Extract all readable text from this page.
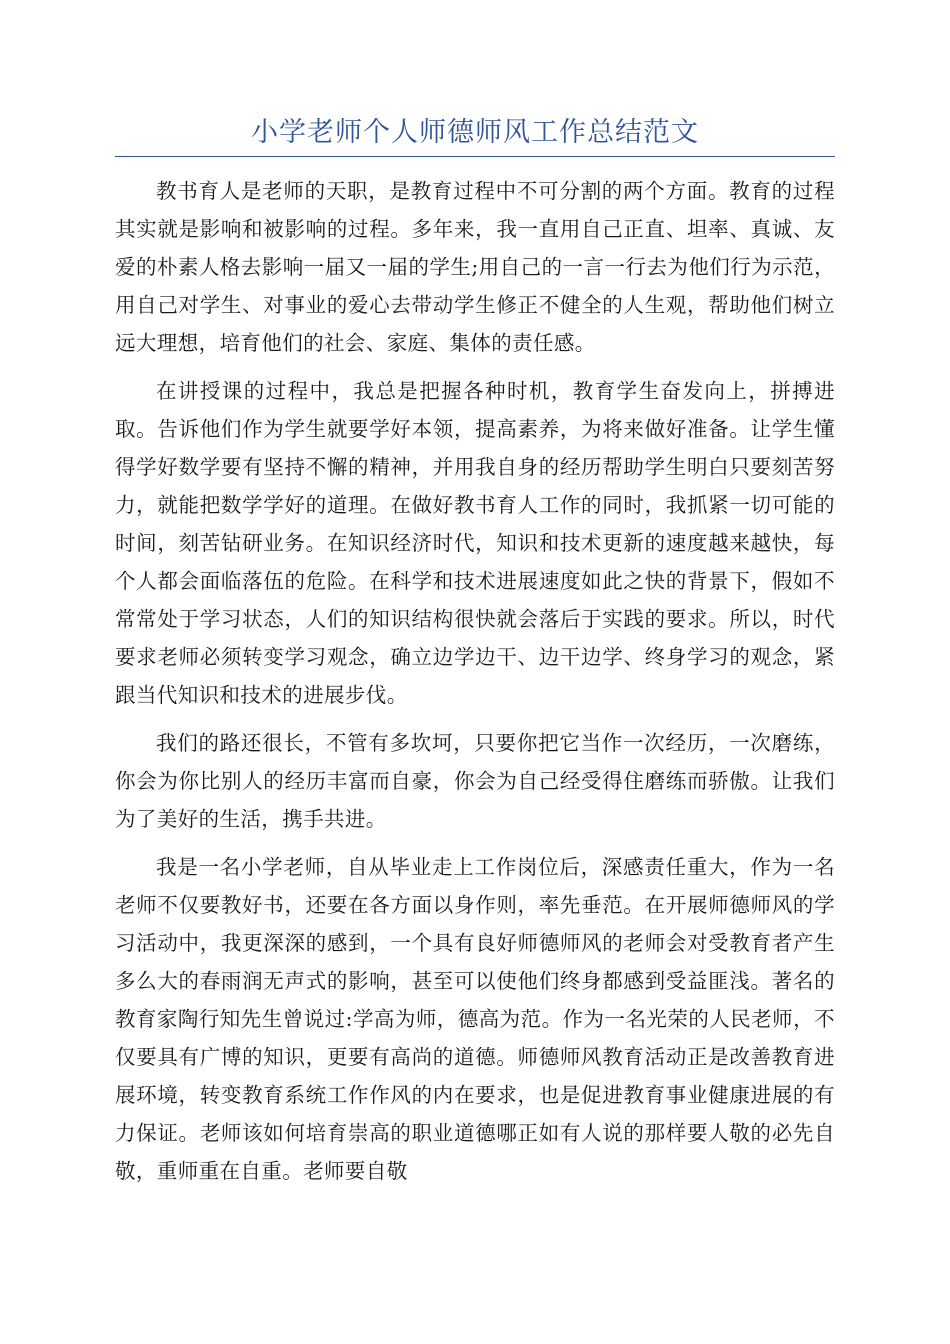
小学老师个人师德师风工作总结范文

教书育人是老师的天职，是教育过程中不可分割的两个方面。教育的过程其实就是影响和被影响的过程。多年来，我一直用自己正直、坦率、真诚、友爱的朴素人格去影响一届又一届的学生;用自己的一言一行去为他们行为示范，用自己对学生、对事业的爱心去带动学生修正不健全的人生观，帮助他们树立远大理想，培育他们的社会、家庭、集体的责任感。

在讲授课的过程中，我总是把握各种时机，教育学生奋发向上，拼搏进取。告诉他们作为学生就要学好本领，提高素养，为将来做好准备。让学生懂得学好数学要有坚持不懈的精神，并用我自身的经历帮助学生明白只要刻苦努力，就能把数学学好的道理。在做好教书育人工作的同时，我抓紧一切可能的时间，刻苦钻研业务。在知识经济时代，知识和技术更新的速度越来越快，每个人都会面临落伍的危险。在科学和技术进展速度如此之快的背景下，假如不常常处于学习状态，人们的知识结构很快就会落后于实践的要求。所以，时代要求老师必须转变学习观念，确立边学边干、边干边学、终身学习的观念，紧跟当代知识和技术的进展步伐。

我们的路还很长，不管有多坎坷，只要你把它当作一次经历，一次磨练，你会为你比别人的经历丰富而自豪，你会为自己经受得住磨练而骄傲。让我们为了美好的生活，携手共进。

我是一名小学老师，自从毕业走上工作岗位后，深感责任重大，作为一名老师不仅要教好书，还要在各方面以身作则，率先垂范。在开展师德师风的学习活动中，我更深深的感到，一个具有良好师德师风的老师会对受教育者产生多么大的春雨润无声式的影响，甚至可以使他们终身都感到受益匪浅。著名的教育家陶行知先生曾说过:学高为师，德高为范。作为一名光荣的人民老师，不仅要具有广博的知识，更要有高尚的道德。师德师风教育活动正是改善教育进展环境，转变教育系统工作作风的内在要求，也是促进教育事业健康进展的有力保证。老师该如何培育崇高的职业道德哪正如有人说的那样要人敬的必先自敬，重师重在自重。老师要自敬
